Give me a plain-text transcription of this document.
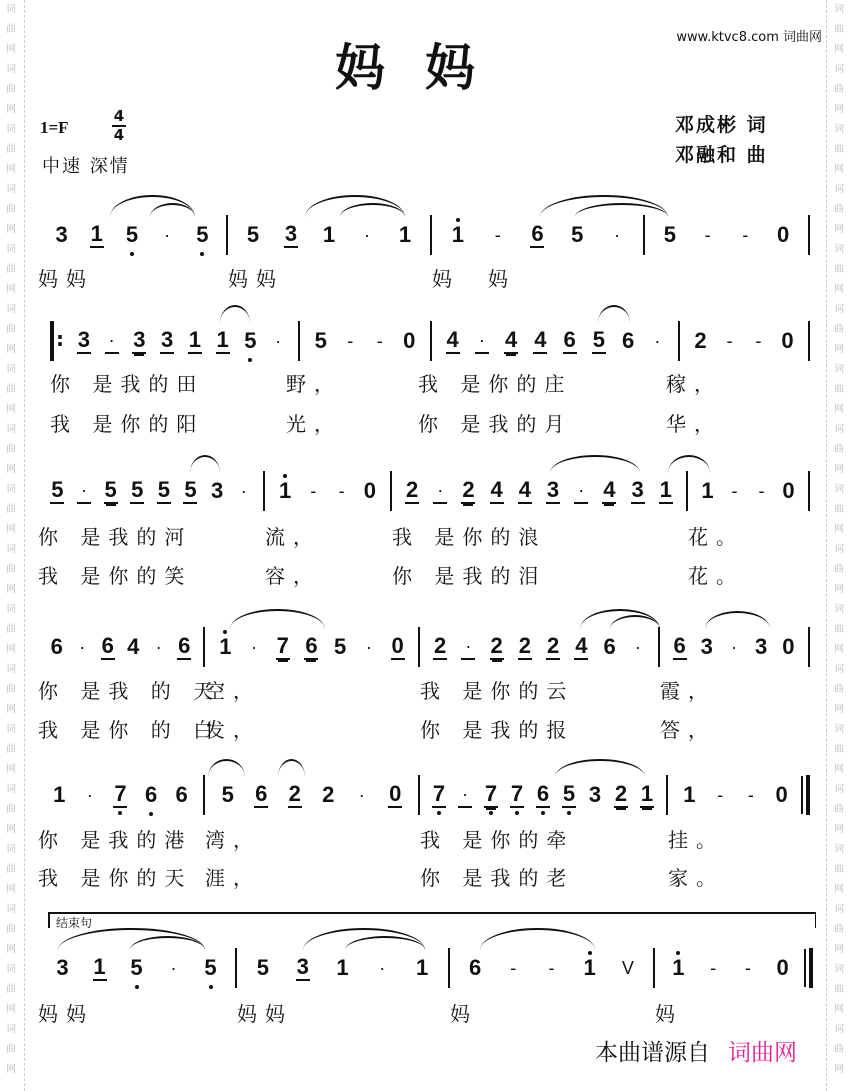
词
曲
网
词
曲
网
词
曲
网
词
曲
网
词
曲
网
词
曲
网
词
曲
网
词
曲
网
词
曲
网
词
曲
网
词
曲
网
词
曲
网
词
曲
网
词
曲
网
词
曲
网
词
曲
网
词
曲
网
词
曲
网
词
曲
网
词
曲
网
词
曲
网
词
曲
网
词
曲
网
词
曲
网
词
曲
网
词
曲
网
词
曲
网
词
曲
网
词
曲
网
词
曲
网
词
曲
网
词
曲
网
词
曲
网
词
曲
网
词
曲
网
词
曲
网
www.ktvc8.com 词曲网
妈妈
1=F
4
4
中速 深情
邓成彬 词
邓融和 曲
3 1 5 · 5 5 3 1 · 1 1 - 6 5 · 5 - - 0
妈妈	妈妈	妈　妈
:
3 · 3 3 1 1 5 · 5 - - 0 4 · 4 4 6 5 6 · 2 - - 0
你 是我的田	野，	我 是你的庄	稼，
我 是你的阳	光，	你 是我的月	华，
5 · 5 5 5 5 3 · 1 - - 0 2 · 2 4 4 3 · 4 3 1 1 - - 0
你 是我的河	流，	我 是你的浪	花。
我 是你的笑	容，	你 是我的泪	花。
6 · 6 4 · 6 1 · 7 6 5 · 0 2 · 2 2 2 4 6 · 6 3 · 3 0
你 是我 的 天
空，	我 是你的云	霞，
我 是你 的 白
发，	你 是我的报	答，
1 · 7 6 6 5 6 2 2 · 0 7 · 7 7 6 5 3 2 1 1 - - 0
你 是我的港 湾，	我 是你的牵	挂。
我 是你的天 涯，	你 是我的老	家。
3 1 5 · 5 5 3 1 · 1 6 - - 1 V 1 - - 0
妈妈	妈妈	妈	妈
结束句
本曲谱源自 词曲网
